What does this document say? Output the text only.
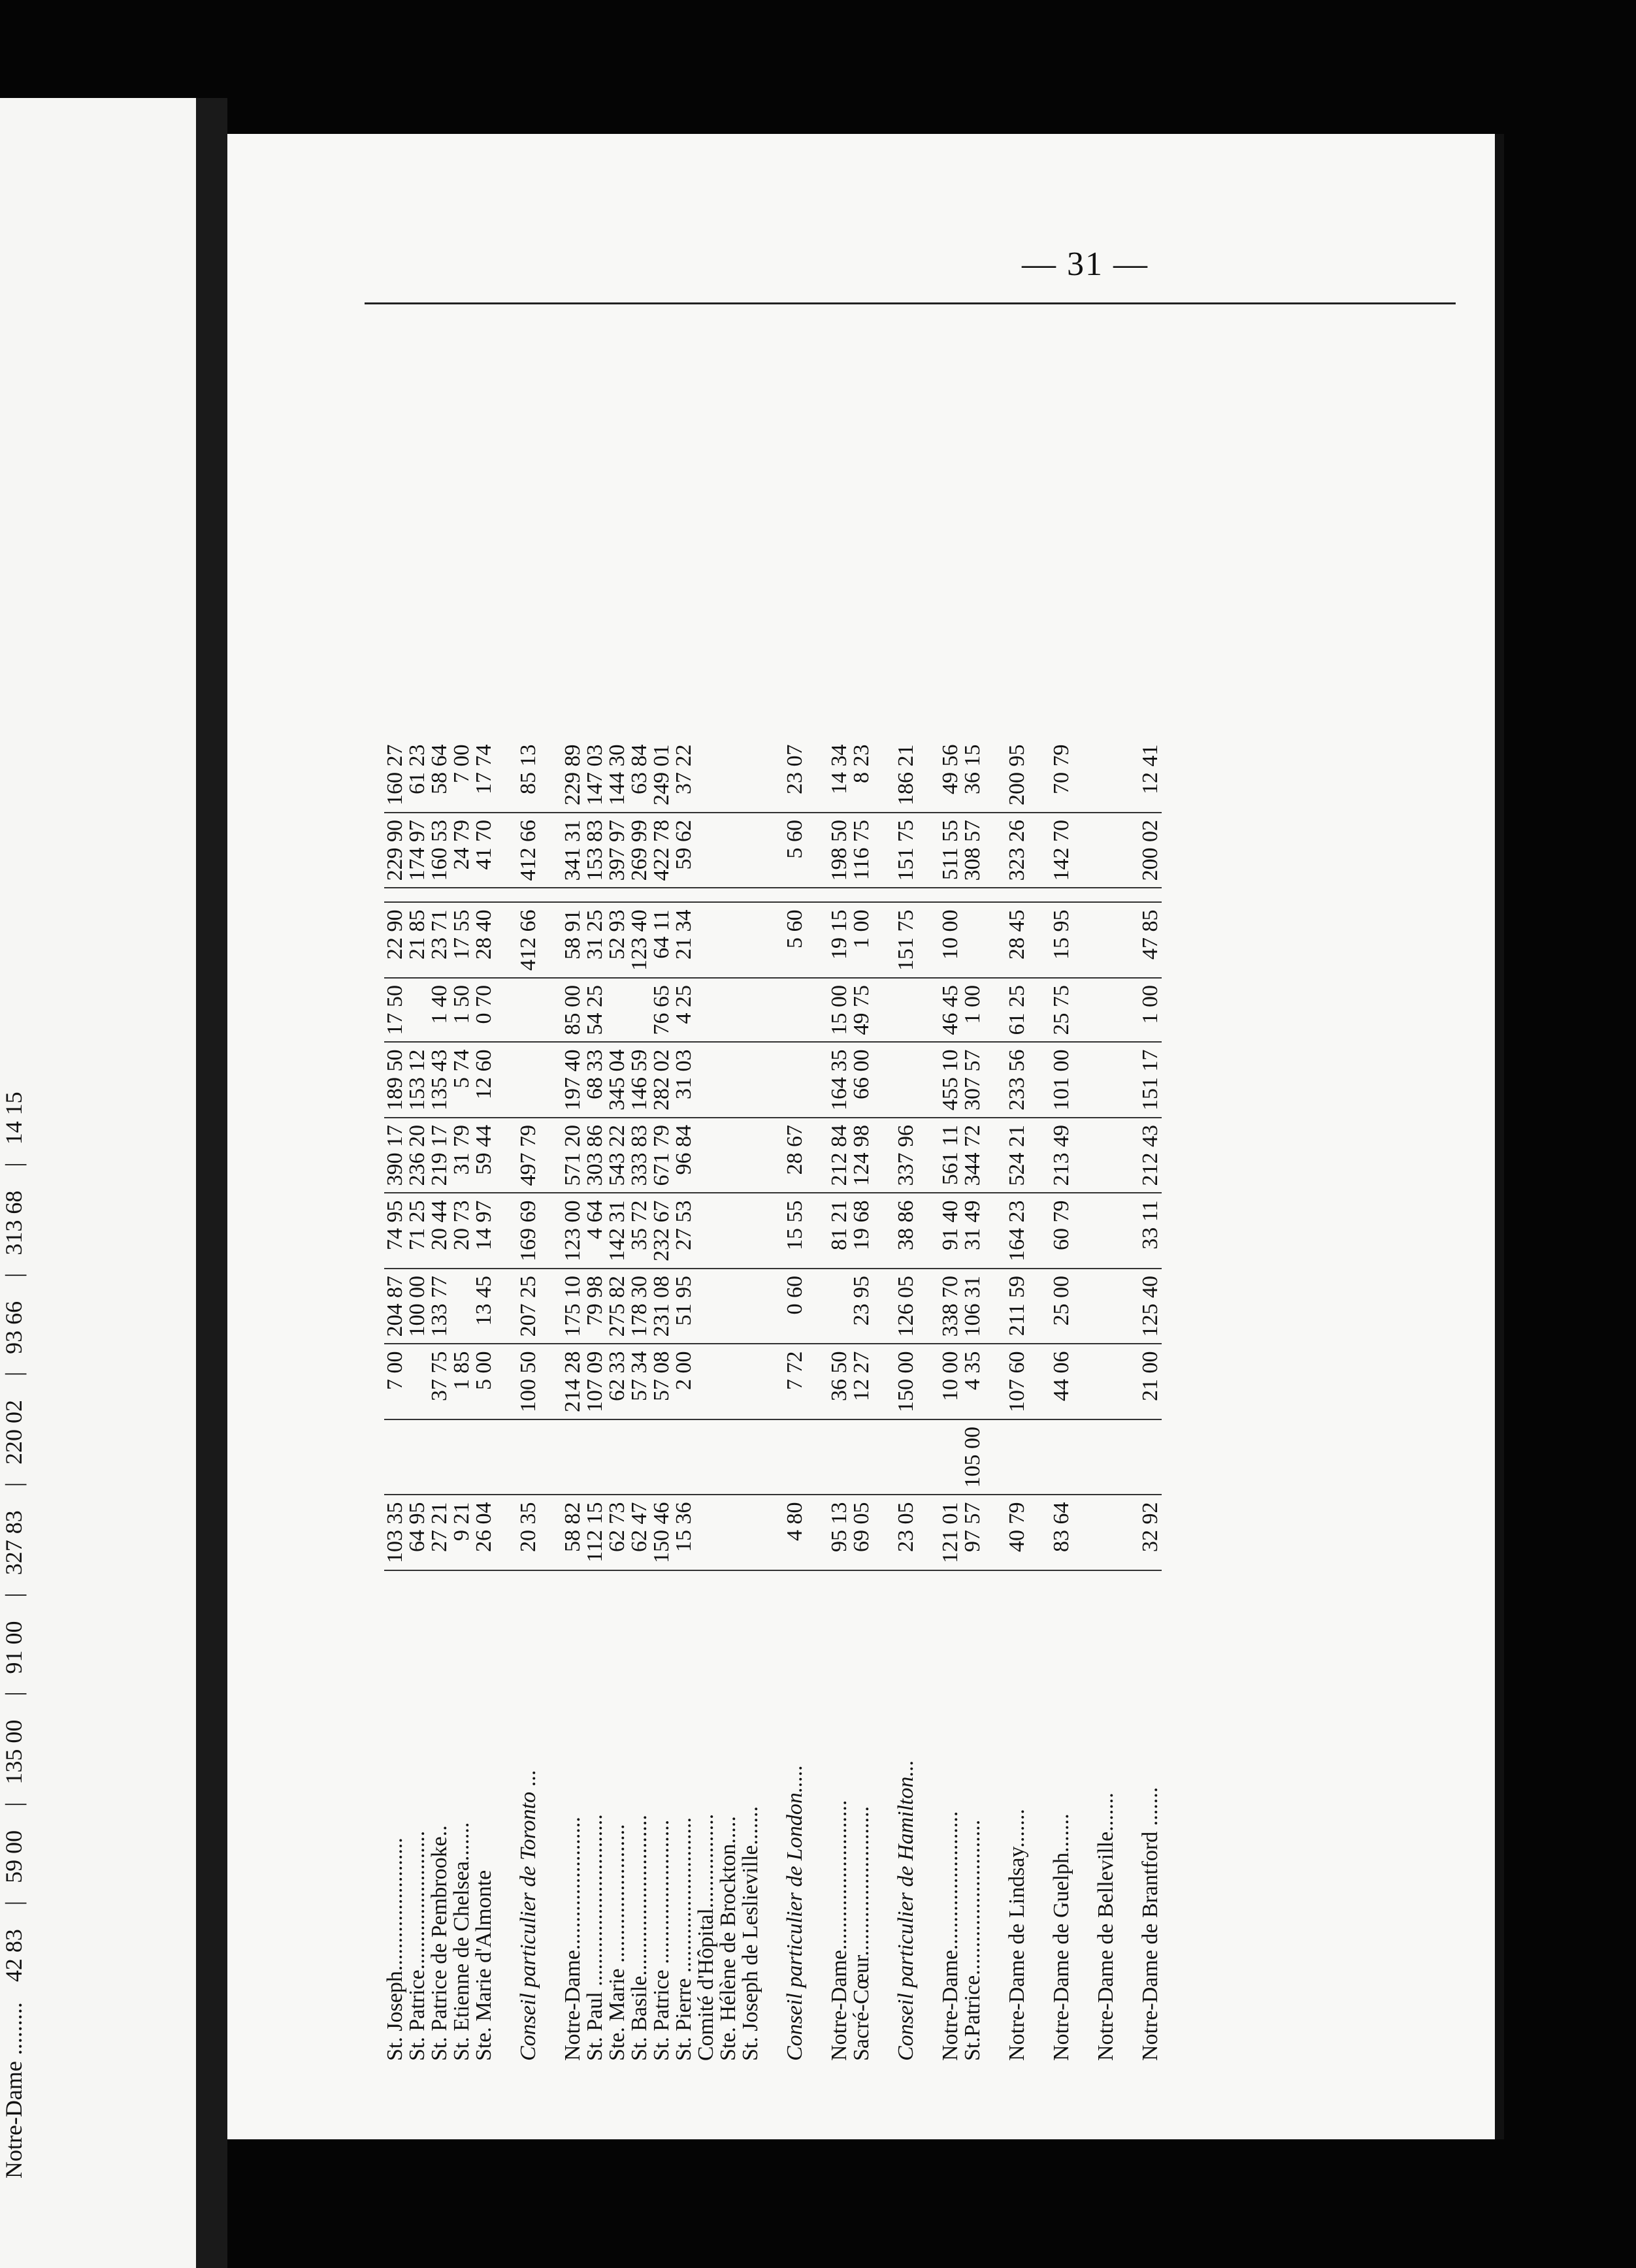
Notre-Dame .........    42 83    |   59 00    |   135 00    |   91 00    |   327 83    |   220 02    |   93 66    |   313 68    |   14 15
— 31 —
St. Joseph........................	103 35		7 00	204 87	74 95	390 17	189 50	17 50	22 90		229 90	160 27
St. Patrice.........................	64 95			100 00	71 25	236 20	153 12		21 85		174 97	61 23
St. Patrice de Pembrooke..	27 21		37 75	133 77	20 44	219 17	135 43	1 40	23 71		160 53	58 64
St. Etienne de Chelsea.......	9 21		1 85		20 73	31 79	5 74	1 50	17 55		24 79	7 00
Ste. Marie d'Almonte	26 04		5 00	13 45	14 97	59 44	12 60	0 70	28 40		41 70	17 74

Conseil particulier de Toronto ...	20 35		100 50	207 25	169 69	497 79			412 66		412 66	85 13

Notre-Dame........................	58 82		214 28	175 10	123 00	571 20	197 40	85 00	58 91		341 31	229 89
St. Paul ...............................	112 15		107 09	79 98	4 64	303 86	68 33	54 25	31 25		153 83	147 03
Ste. Marie .........................	62 73		62 33	275 82	142 31	543 22	345 04		52 93		397 97	144 30
St. Basile.............................	62 47		57 34	178 30	35 72	333 83	146 59		123 40		269 99	63 84
St. Patrice ..........................	150 46		57 08	231 08	232 67	671 79	282 02	76 65	64 11		422 78	249 01
St. Pierre ............................	15 36		2 00	51 95	27 53	96 84	31 03	4 25	21 34		59 62	37 22
Comité d'Hôpital.................												
Ste. Hélène de Brockton.....												
St. Joseph de Leslieville.......												

Conseil particulier de London.....	4 80		7 72	0 60	15 55	28 67			5 60		5 60	23 07

Notre-Dame...........................	95 13		36 50		81 21	212 84	164 35	15 00	19 15		198 50	14 34
Sacré-Cœur...........................	69 05		12 27	23 95	19 68	124 98	66 00	49 75	1 00		116 75	8 23

Conseil particulier de Hamilton...	23 05		150 00	126 05	38 86	337 96			151 75		151 75	186 21

Notre-Dame.........................	121 01		10 00	338 70	91 40	561 11	455 10	46 45	10 00		511 55	49 56
St.Patrice............................	97 57	105 00	4 35	106 31	31 49	344 72	307 57	1 00			308 57	36 15

Notre-Dame de Lindsay.......	40 79		107 60	211 59	164 23	524 21	233 56	61 25	28 45		323 26	200 95

Notre-Dame de Guelph.......	83 64		44 06	25 00	60 79	213 49	101 00	25 75	15 95		142 70	70 79

Notre-Dame de Belleville.......												

Notre-Dame de Brantford .......	32 92		21 00	125 40	33 11	212 43	151 17	1 00	47 85		200 02	12 41
